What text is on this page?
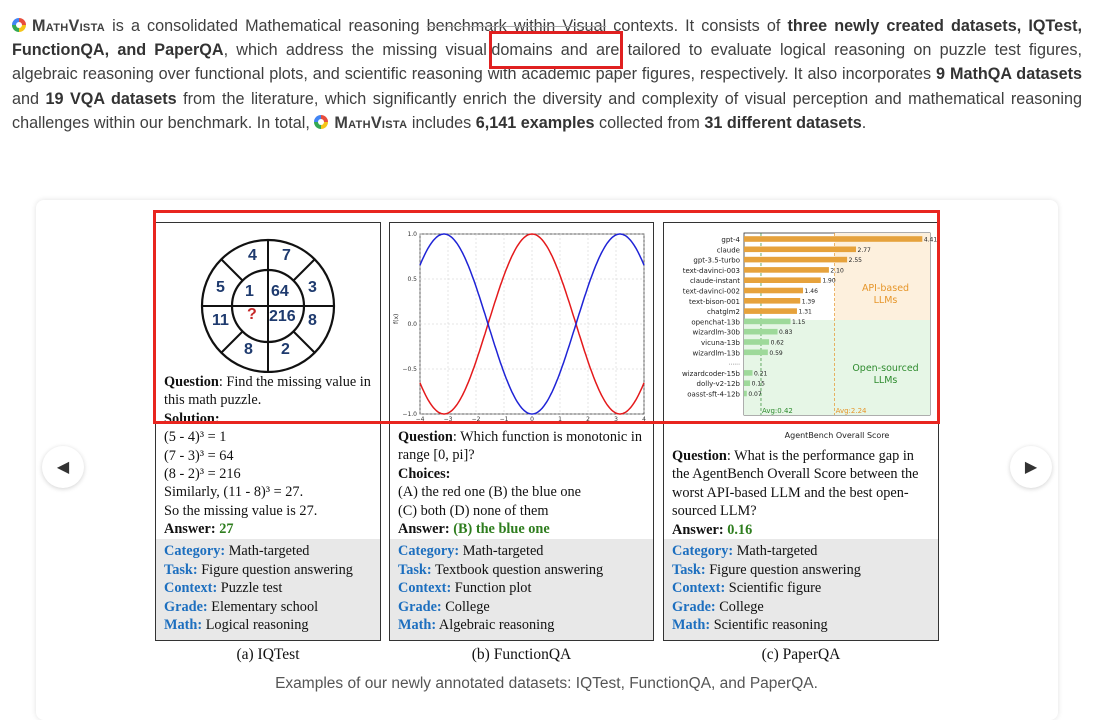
MathVista is a consolidated Mathematical reasoning benchmark within Visual contexts. It consists of three newly created datasets, IQTest, FunctionQA, and PaperQA, which address the missing visual domains and are tailored to evaluate logical reasoning on puzzle test figures, algebraic reasoning over functional plots, and scientific reasoning with academic paper figures, respectively. It also incorporates 9 MathQA datasets and 19 VQA datasets from the literature, which significantly enrich the diversity and complexity of visual perception and mathematical reasoning challenges within our benchmark. In total, MathVista includes 6,141 examples collected from 31 different datasets.
◀	▶
4 7
3
8
2
8
11
5 1 64
216
?
Question: Find the missing value in this math puzzle.
Solution:
(5 - 4)³ = 1
(7 - 3)³ = 64
(8 - 2)³ = 216
Similarly, (11 - 8)³ = 27.
So the missing value is 27.
Answer: 27
Category: Math-targeted
Task: Figure question answering
Context: Puzzle test
Grade: Elementary school
Math: Logical reasoning
f(x)
1.0
0.5
0.0
−0.5
−1.0
−4	−3	−2	−1	0	1	2	3	4
Question: Which function is monotonic in range [0, pi]?
Choices:
(A) the red one (B) the blue one
(C) both (D) none of them
Answer: (B) the blue one
Category: Math-targeted
Task: Textbook question answering
Context: Function plot
Grade: College
Math: Algebraic reasoning
gpt-4	4.41
claude	2.77
gpt-3.5-turbo	2.55
text-davinci-003	2.10
claude-instant	1.90
text-davinci-002	1.46
text-bison-001	1.39
chatglm2	1.31
openchat-13b	1.15
wizardlm-30b	0.83
vicuna-13b	0.62
wizardlm-13b	0.59
......
wizardcoder-15b 0.21
dolly-v2-12b 0.15
oasst-sft-4-12b 0.07
API-based
LLMs
Open-sourced
LLMs
Avg:0.42	Avg:2.24
AgentBench Overall Score
Question: What is the performance gap in the AgentBench Overall Score between the worst API-based LLM and the best open-sourced LLM?
Answer: 0.16
Category: Math-targeted
Task: Figure question answering
Context: Scientific figure
Grade: College
Math: Scientific reasoning
(a) IQTest	(b) FunctionQA	(c) PaperQA
Examples of our newly annotated datasets: IQTest, FunctionQA, and PaperQA.
